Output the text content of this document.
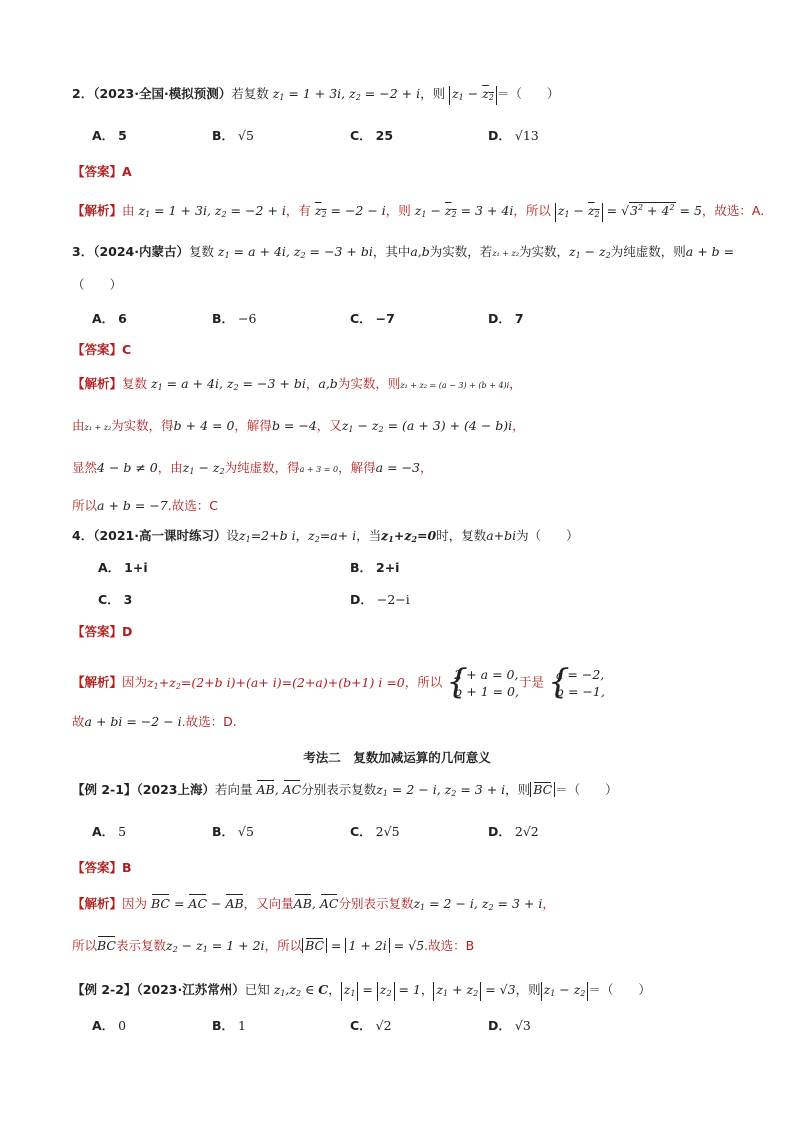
2．（2023·全国·模拟预测）若复数 $z_1 = 1 + 3i$, $z_2 = -2 + i$，则 $z_1 - z_2$ ＝（　　）
A． 5	B． √5	C． 25	D． √13
【答案】A
【解析】由 $z_1 = 1 + 3i$, $z_2 = -2 + i$，有 $z_2 = -2 - i$，则 $z_1 - z_2 = 3 + 4i$，所以 $z_1 - z_2 = √3^2 + 4^2 = 5$，故选：A.
3．（2024·内蒙古）复数 $z_1 = a + 4i$, $z_2 = -3$ + bi，其中a,b为实数，若z₁ + z₂为实数，$z_1 - z_2$为纯虚数，则a + b =
（　　）
A． 6	B． −6	C． −7	D． 7
【答案】C
【解析】复数 $z_1 = a + 4i$, $z_2 = -3$ + bi，a,b为实数，则z₁ + z₂ = (a − 3) + (b + 4)i，
由z₁ + z₂为实数，得b + 4 = 0，解得b = −4，又$z_1 - z_2 = (a + 3) + (4 - b)i$，
显然4 − b ≠ 0，由$z_1 - z_2$为纯虚数，得a + 3 = 0，解得a = −3，
所以a + b = −7.故选：C
4．（2021·高一课时练习）设$z_1=2+b$ i，$z_2=a+ i$，当$z_1+z_2=0$时，复数a+bi为（　　）
A． 1+i	B． 2+i
C． 3	D． −2−i
【答案】D
【解析】因为$z_1+z_2=(2+b$ i)+(a+ i)=(2+a)+(b+1) i =0，所以 {
2 + a = 0,
b + 1 = 0,
于是 {
a = −2,
b = −1,
故a + bi = −2 − i.故选：D.
考法二　复数加减运算的几何意义
【例 2-1】（2023上海）若向量 AB, AC分别表示复数$z_1 = 2 - i$, $z_2 = 3 + i$，则 BC ＝（　　）
A． 5	B． √5	C． 2√5	D． 2√2
【答案】B
【解析】因为 BC = AC − AB，又向量AB, AC分别表示复数$z_1 = 2 - i$, $z_2 = 3 + i$，
所以BC表示复数$z_2 - z_1 = 1 + 2i$，所以 BC = 1 + 2i = √5.故选：B
【例 2-2】（2023·江苏常州）已知 $z_1,z_2$ ∈ C， $z_1 = z_2 = 1$， $z_1 + z_2 = √3$，则 $z_1 - z_2$ ＝（　　）
A． 0	B． 1	C． √2	D． √3
